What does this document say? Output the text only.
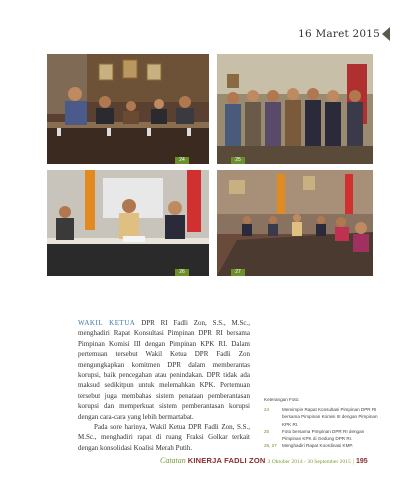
16 Maret 2015
24	25
26	27

WAKIL KETUA DPR RI Fadli Zon, S.S., M.Sc., menghadiri Rapat Konsultasi Pimpinan DPR RI bersama Pimpinan Komisi III dengan Pimpinan KPK RI. Dalam pertemuan tersebut Wakil Ketua DPR Fadli Zon mengungkapkan komitmen DPR dalam memberantas korupsi, baik pencegahan atau penindakan. DPR tidak ada maksud sedikitpun untuk melemahkan KPK. Pertemuan tersebut juga membahas sistem penataan pemberantasan korupsi dan memperkuat sistem pemberantasan korupsi dengan cara-cara yang lebih bermartabat.

Pada sore harinya, Wakil Ketua DPR Fadli Zon, S.S., M.Sc., menghadiri rapat di ruang Fraksi Golkar terkait dengan konsolidasi Koalisi Merah Putih.

Keterangan Foto:
24	Memimpin Rapat Konsultasi Pimpinan DPR RI bersama Pimpinan Komisi III dengan Pimpinan KPK RI.
25	Foto bersama Pimpinan DPR RI dengan Pimpinan KPK di Gedung DPR RI.
26, 27	Menghadiri Rapat Koordinasi KMP.
Catatan KINERJA FADLI ZON 3 Oktober 2014 - 30 September 2015 | 195
